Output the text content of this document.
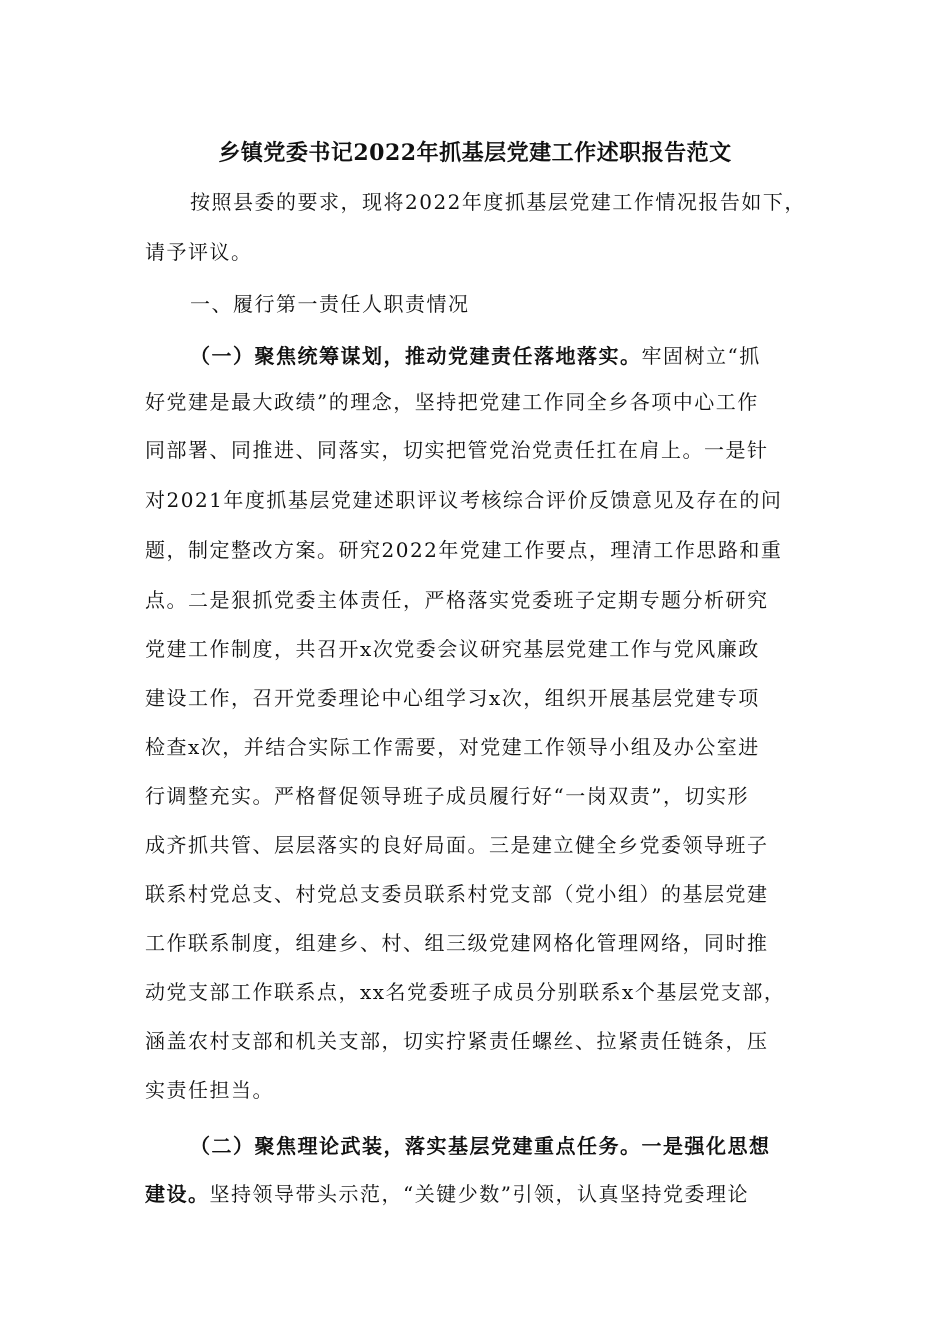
乡镇党委书记2022年抓基层党建工作述职报告范文
按照县委的要求，现将2022年度抓基层党建工作情况报告如下，
请予评议。
一、履行第一责任人职责情况
（一）聚焦统筹谋划，推动党建责任落地落实。牢固树立“抓
好党建是最大政绩”的理念，坚持把党建工作同全乡各项中心工作
同部署、同推进、同落实，切实把管党治党责任扛在肩上。一是针
对2021年度抓基层党建述职评议考核综合评价反馈意见及存在的问
题，制定整改方案。研究2022年党建工作要点，理清工作思路和重
点。二是狠抓党委主体责任，严格落实党委班子定期专题分析研究
党建工作制度，共召开x次党委会议研究基层党建工作与党风廉政
建设工作，召开党委理论中心组学习x次，组织开展基层党建专项
检查x次，并结合实际工作需要，对党建工作领导小组及办公室进
行调整充实。严格督促领导班子成员履行好“一岗双责”，切实形
成齐抓共管、层层落实的良好局面。三是建立健全乡党委领导班子
联系村党总支、村党总支委员联系村党支部（党小组）的基层党建
工作联系制度，组建乡、村、组三级党建网格化管理网络，同时推
动党支部工作联系点，xx名党委班子成员分别联系x个基层党支部，
涵盖农村支部和机关支部，切实拧紧责任螺丝、拉紧责任链条，压
实责任担当。
（二）聚焦理论武装，落实基层党建重点任务。一是强化思想
建设。坚持领导带头示范，“关键少数”引领，认真坚持党委理论
